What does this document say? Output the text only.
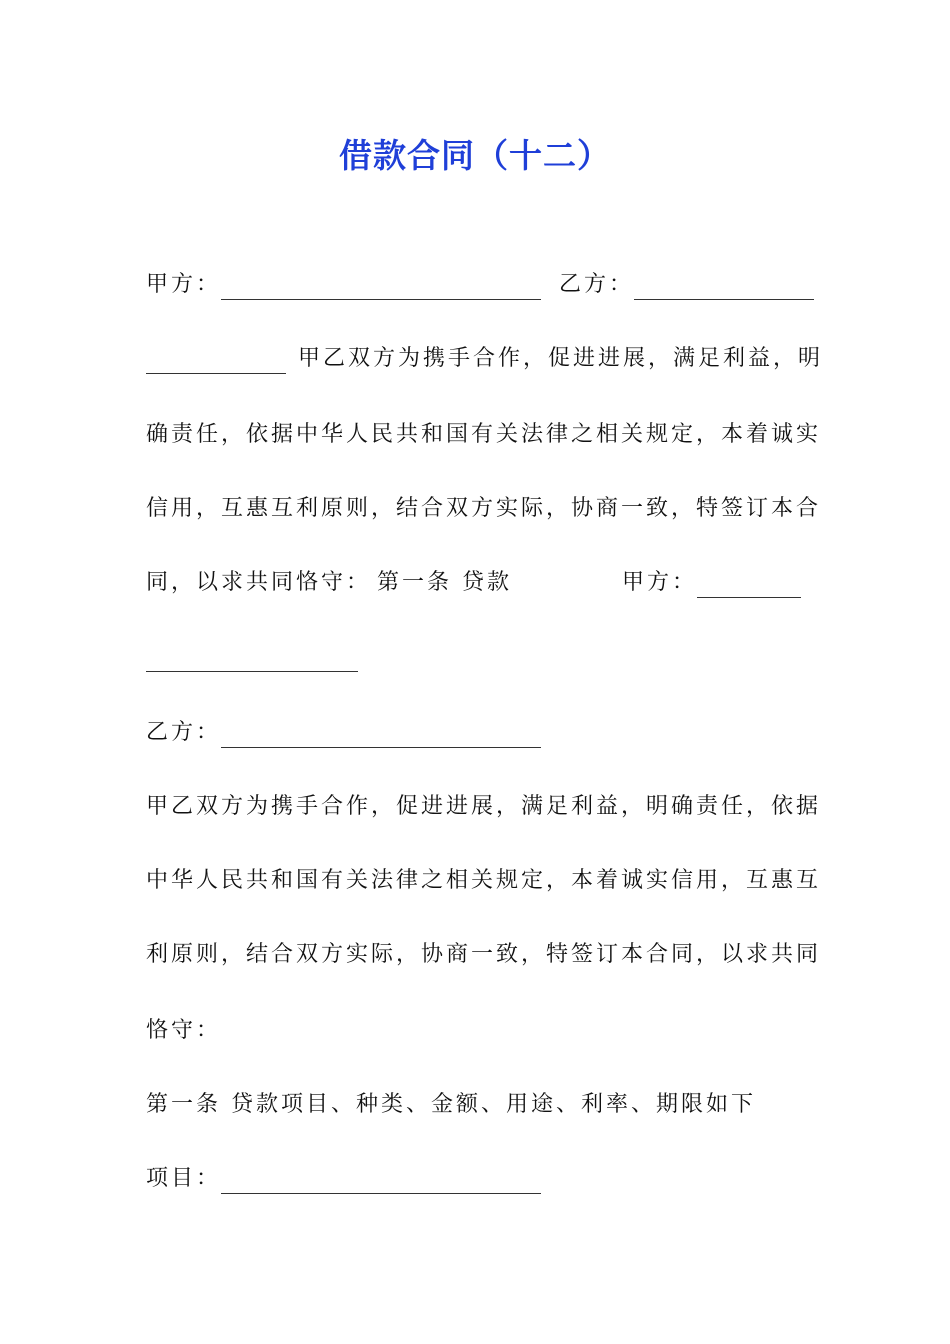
借款合同（十二）
甲方：	乙方：
甲乙双方为携手合作，促进进展，满足利益，明
确责任，依据中华人民共和国有关法律之相关规定，本着诚实
信用，互惠互利原则，结合双方实际，协商一致，特签订本合
同，以求共同恪守： 第一条 贷款	甲方：
乙方：
甲乙双方为携手合作，促进进展，满足利益，明确责任，依据
中华人民共和国有关法律之相关规定，本着诚实信用，互惠互
利原则，结合双方实际，协商一致，特签订本合同，以求共同
恪守：
第一条 贷款项目、种类、金额、用途、利率、期限如下
项目：
